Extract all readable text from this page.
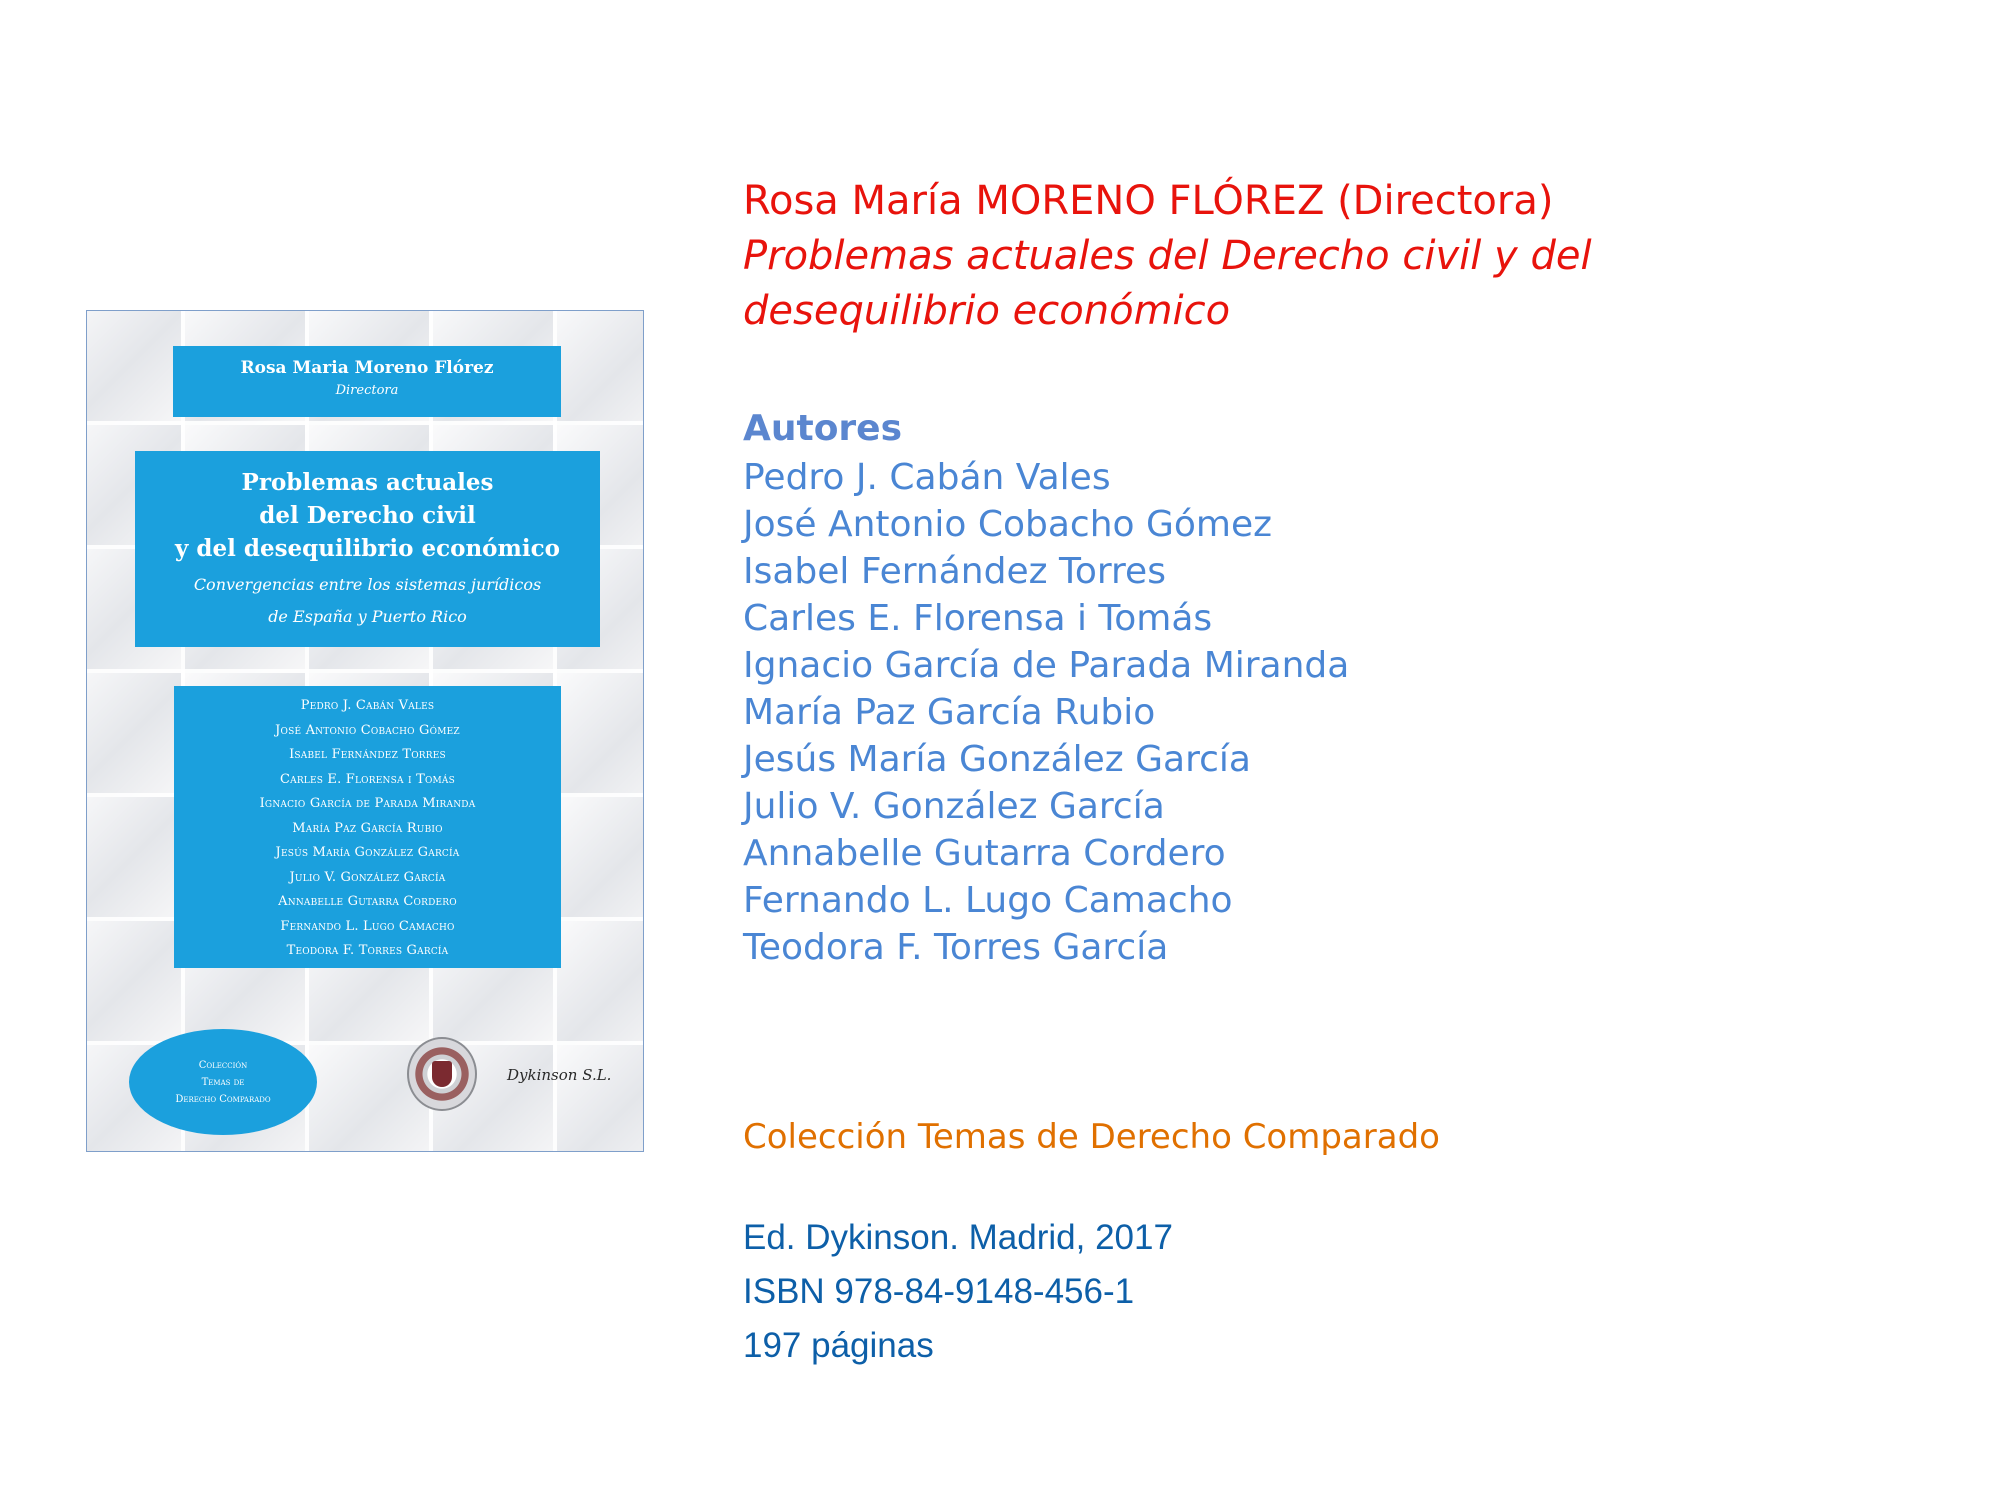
Rosa Maria Moreno Flórez
Directora
Problemas actuales
del Derecho civil
y del desequilibrio económico
Convergencias entre los sistemas jurídicos
de España y Puerto Rico
Pedro J. Cabán Vales
José Antonio Cobacho Gómez
Isabel Fernández Torres
Carles E. Florensa i Tomás
Ignacio García de Parada Miranda
María Paz García Rubio
Jesús María González García
Julio V. González García
Annabelle Gutarra Cordero
Fernando L. Lugo Camacho
Teodora F. Torres García
Colección
Temas de
Derecho Comparado
Dykinson S.L.

Rosa María MORENO FLÓREZ (Directora)

Problemas actuales del Derecho civil y del

desequilibrio económico

Autores

Pedro J. Cabán Vales
José Antonio Cobacho Gómez
Isabel Fernández Torres
Carles E. Florensa i Tomás
Ignacio García de Parada Miranda
María Paz García Rubio
Jesús María González García
Julio V. González García
Annabelle Gutarra Cordero
Fernando L. Lugo Camacho
Teodora F. Torres García

Colección Temas de Derecho Comparado

Ed. Dykinson. Madrid, 2017

ISBN 978-84-9148-456-1

197 páginas
